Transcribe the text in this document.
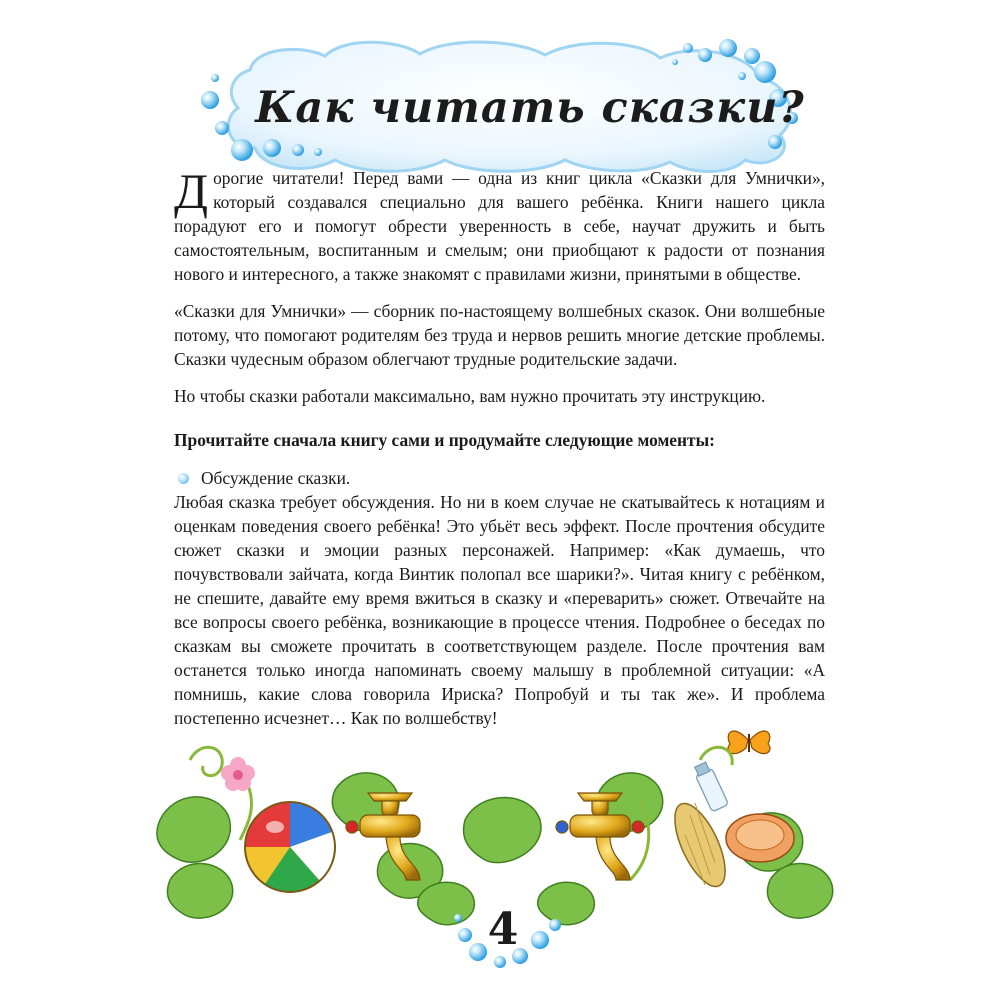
Как читать сказки?

Дорогие читатели! Перед вами — одна из книг цикла «Сказки для Умнички», который создавался специально для вашего ребёнка. Книги нашего цикла порадуют его и помогут обрести уверенность в себе, научат дружить и быть самостоятельным, воспитанным и смелым; они приобщают к радости от познания нового и интересного, а также знакомят с правилами жизни, принятыми в обществе.

«Сказки для Умнички» — сборник по-настоящему волшебных сказок. Они волшебные потому, что помогают родителям без труда и нервов решить многие детские проблемы. Сказки чудесным образом облегчают трудные родительские задачи.

Но чтобы сказки работали максимально, вам нужно прочитать эту инструкцию.

Прочитайте сначала книгу сами и продумайте следующие моменты:

Обсуждение сказки.
Любая сказка требует обсуждения. Но ни в коем случае не скатывайтесь к нотациям и оценкам поведения своего ребёнка! Это убьёт весь эффект. После прочтения обсудите сюжет сказки и эмоции разных персонажей. Например: «Как думаешь, что почувствовали зайчата, когда Винтик полопал все шарики?». Читая книгу с ребёнком, не спешите, давайте ему время вжиться в сказку и «переварить» сюжет. Отвечайте на все вопросы своего ребёнка, возникающие в процессе чтения. Подробнее о беседах по сказкам вы сможете прочитать в соответствующем разделе. После прочтения вам останется только иногда напоминать своему малышу в проблемной ситуации: «А помнишь, какие слова говорила Ириска? Попробуй и ты так же». И проблема постепенно исчезнет… Как по волшебству!
4
